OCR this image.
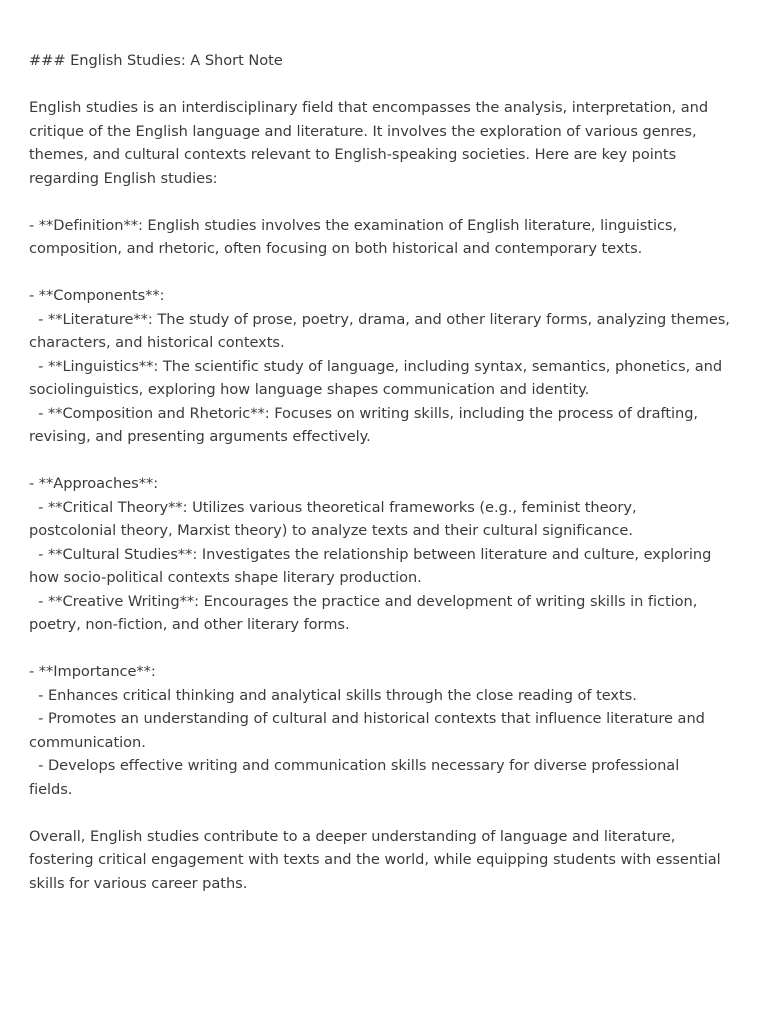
### English Studies: A Short Note
English studies is an interdisciplinary field that encompasses the analysis, interpretation, and
critique of the English language and literature. It involves the exploration of various genres,
themes, and cultural contexts relevant to English-speaking societies. Here are key points
regarding English studies:
- **Definition**: English studies involves the examination of English literature, linguistics,
composition, and rhetoric, often focusing on both historical and contemporary texts.
- **Components**:
- **Literature**: The study of prose, poetry, drama, and other literary forms, analyzing themes,
characters, and historical contexts.
- **Linguistics**: The scientific study of language, including syntax, semantics, phonetics, and
sociolinguistics, exploring how language shapes communication and identity.
- **Composition and Rhetoric**: Focuses on writing skills, including the process of drafting,
revising, and presenting arguments effectively.
- **Approaches**:
- **Critical Theory**: Utilizes various theoretical frameworks (e.g., feminist theory,
postcolonial theory, Marxist theory) to analyze texts and their cultural significance.
- **Cultural Studies**: Investigates the relationship between literature and culture, exploring
how socio-political contexts shape literary production.
- **Creative Writing**: Encourages the practice and development of writing skills in fiction,
poetry, non-fiction, and other literary forms.
- **Importance**:
- Enhances critical thinking and analytical skills through the close reading of texts.
- Promotes an understanding of cultural and historical contexts that influence literature and
communication.
- Develops effective writing and communication skills necessary for diverse professional
fields.
Overall, English studies contribute to a deeper understanding of language and literature,
fostering critical engagement with texts and the world, while equipping students with essential
skills for various career paths.
